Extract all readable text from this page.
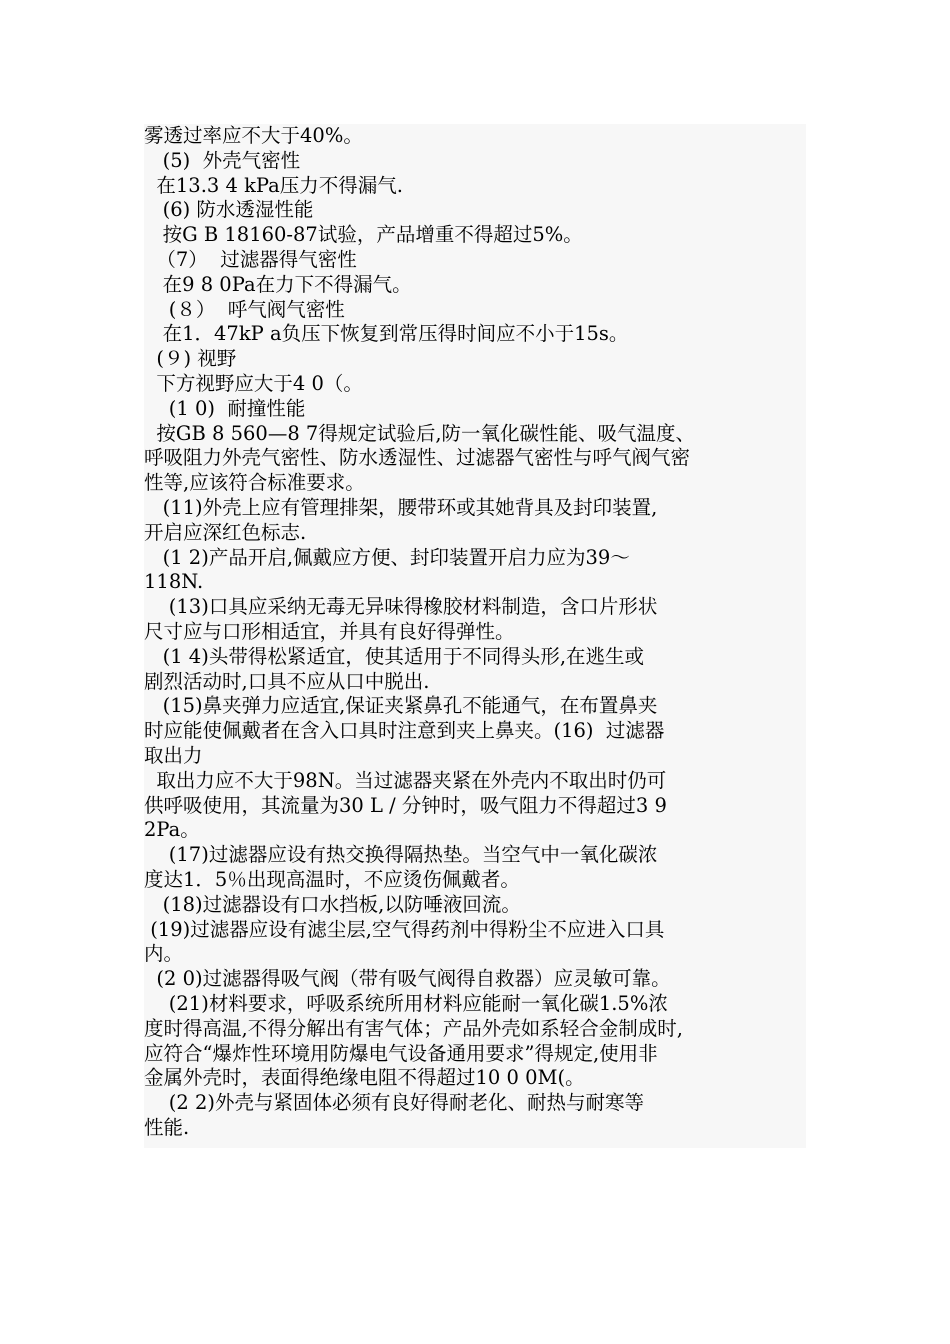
雾透过率应不大于40%。
(5)  外壳气密性
在13.3 4 kPa压力不得漏气.
(6) 防水透湿性能
按G B 18160-87试验，产品增重不得超过5%。
（7）  过滤器得气密性
在9 8 0Pa在力下不得漏气。
(８）  呼气阀气密性
在1．47kP a负压下恢复到常压得时间应不小于15s。
(９) 视野
下方视野应大于4 0（。
(1 0)  耐撞性能
按GB 8 560—8 7得规定试验后,防一氧化碳性能、吸气温度、
呼吸阻力外壳气密性、防水透湿性、过滤器气密性与呼气阀气密
性等,应该符合标准要求。
(11)外壳上应有管理排架，腰带环或其她背具及封印装置,
开启应深红色标志.
(1 2)产品开启,佩戴应方便、封印装置开启力应为39～
118N.
(13)口具应采纳无毒无异味得橡胶材料制造，含口片形状
尺寸应与口形相适宜，并具有良好得弹性。
(1 4)头带得松紧适宜，使其适用于不同得头形,在逃生或
剧烈活动时,口具不应从口中脱出.
(15)鼻夹弹力应适宜,保证夹紧鼻孔不能通气，在布置鼻夹
时应能使佩戴者在含入口具时注意到夹上鼻夹。(16)  过滤器
取出力
取出力应不大于98N。当过滤器夹紧在外壳内不取出时仍可
供呼吸使用，其流量为30 L / 分钟时，吸气阻力不得超过3 9
2Pa。
(17)过滤器应设有热交换得隔热垫。当空气中一氧化碳浓
度达1．5％出现高温时，不应烫伤佩戴者。
(18)过滤器设有口水挡板,以防唾液回流。
(19)过滤器应设有滤尘层,空气得药剂中得粉尘不应进入口具
内。
(2 0)过滤器得吸气阀（带有吸气阀得自救器）应灵敏可靠。
(21)材料要求，呼吸系统所用材料应能耐一氧化碳1.5%浓
度时得高温,不得分解出有害气体；产品外壳如系轻合金制成时,
应符合“爆炸性环境用防爆电气设备通用要求”得规定,使用非
金属外壳时，表面得绝缘电阻不得超过10 0 0M(。
(2 2)外壳与紧固体必须有良好得耐老化、耐热与耐寒等
性能.
